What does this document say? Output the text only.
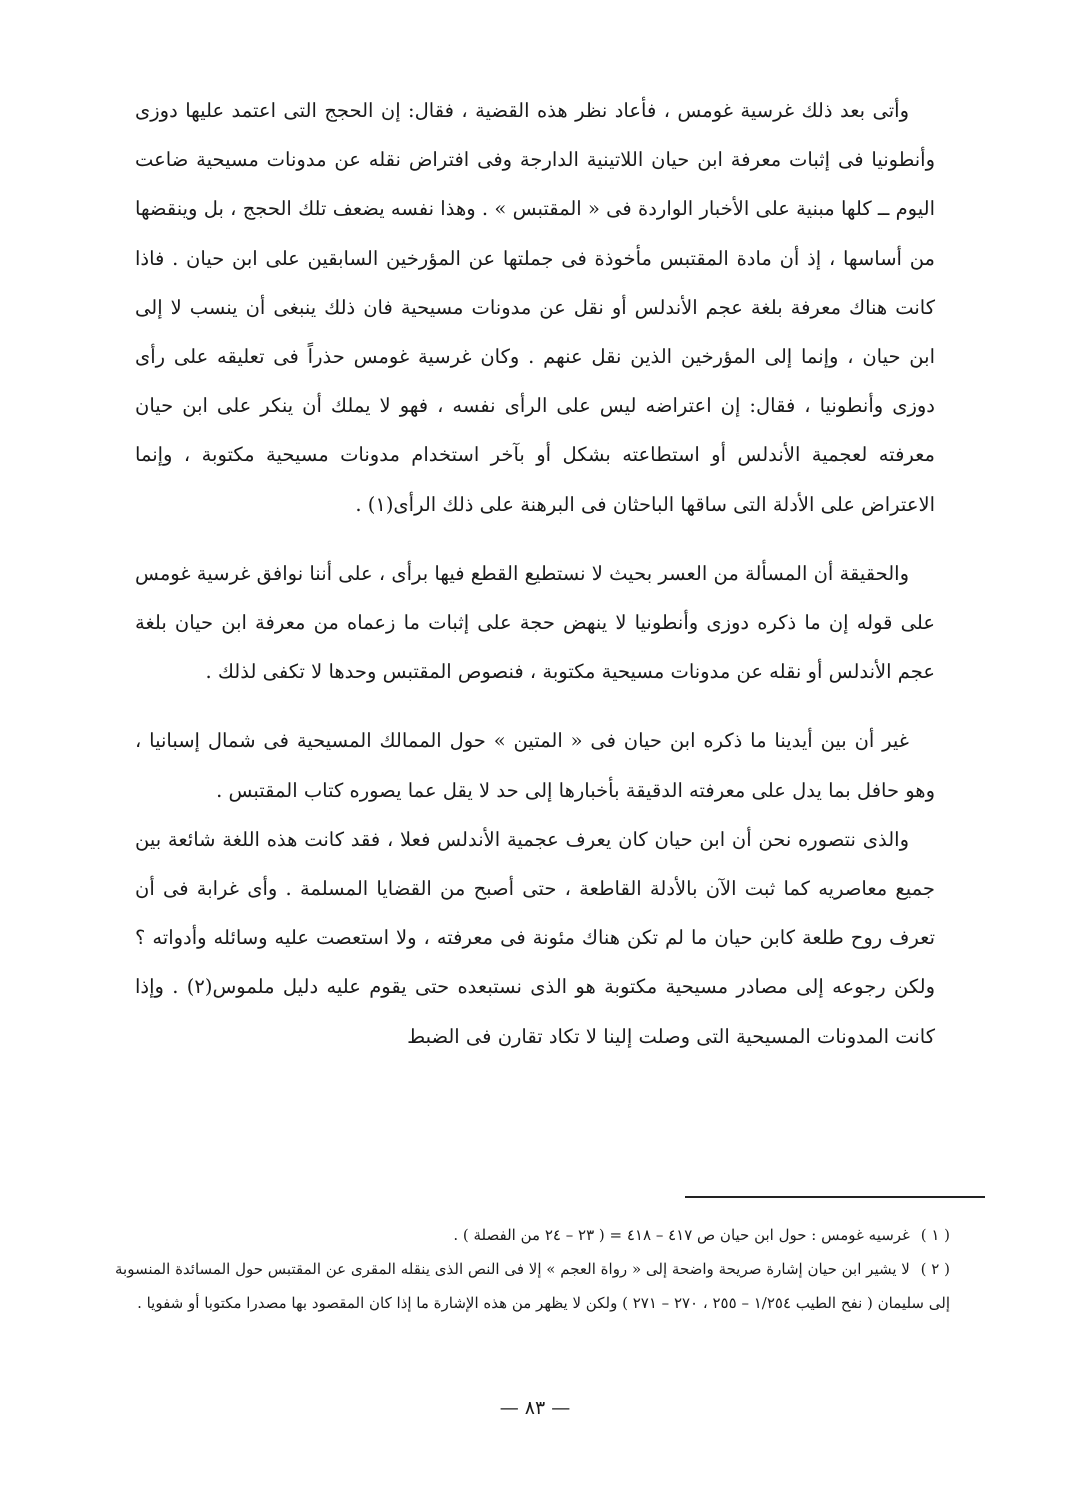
وأتى بعد ذلك غرسية غومس ، فأعاد نظر هذه القضية ، فقال: إن الحجج التى اعتمد عليها دوزى وأنطونيا فى إثبات معرفة ابن حيان اللاتينية الدارجة وفى افتراض نقله عن مدونات مسيحية ضاعت اليوم ــ كلها مبنية على الأخبار الواردة فى « المقتبس » . وهذا نفسه يضعف تلك الحجج ، بل وينقضها من أساسها ، إذ أن مادة المقتبس مأخوذة فى جملتها عن المؤرخين السابقين على ابن حيان . فاذا كانت هناك معرفة بلغة عجم الأندلس أو نقل عن مدونات مسيحية فان ذلك ينبغى أن ينسب لا إلى ابن حيان ، وإنما إلى المؤرخين الذين نقل عنهم . وكان غرسية غومس حذراً فى تعليقه على رأى دوزى وأنطونيا ، فقال: إن اعتراضه ليس على الرأى نفسه ، فهو لا يملك أن ينكر على ابن حيان معرفته لعجمية الأندلس أو استطاعته بشكل أو بآخر استخدام مدونات مسيحية مكتوبة ، وإنما الاعتراض على الأدلة التى ساقها الباحثان فى البرهنة على ذلك الرأى(١) .

والحقيقة أن المسألة من العسر بحيث لا نستطيع القطع فيها برأى ، على أننا نوافق غرسية غومس على قوله إن ما ذكره دوزى وأنطونيا لا ينهض حجة على إثبات ما زعماه من معرفة ابن حيان بلغة عجم الأندلس أو نقله عن مدونات مسيحية مكتوبة ، فنصوص المقتبس وحدها لا تكفى لذلك .

غير أن بين أيدينا ما ذكره ابن حيان فى « المتين » حول الممالك المسيحية فى شمال إسبانيا ، وهو حافل بما يدل على معرفته الدقيقة بأخبارها إلى حد لا يقل عما يصوره كتاب المقتبس .

والذى نتصوره نحن أن ابن حيان كان يعرف عجمية الأندلس فعلا ، فقد كانت هذه اللغة شائعة بين جميع معاصريه كما ثبت الآن بالأدلة القاطعة ، حتى أصبح من القضايا المسلمة . وأى غرابة فى أن تعرف روح طلعة كابن حيان ما لم تكن هناك مئونة فى معرفته ، ولا استعصت عليه وسائله وأدواته ؟ ولكن رجوعه إلى مصادر مسيحية مكتوبة هو الذى نستبعده حتى يقوم عليه دليل ملموس(٢) . وإذا كانت المدونات المسيحية التى وصلت إلينا لا تكاد تقارن فى الضبط

( ١ ) غرسيه غومس : حول ابن حيان ص ٤١٧ – ٤١٨ = ( ٢٣ – ٢٤ من الفصلة ) .

( ٢ ) لا يشير ابن حيان إشارة صريحة واضحة إلى « رواة العجم » إلا فى النص الذى ينقله المقرى عن المقتبس حول المسائدة المنسوبة إلى سليمان ( نفح الطيب ١/٢٥٤ – ٢٥٥ ، ٢٧٠ – ٢٧١ ) ولكن لا يظهر من هذه الإشارة ما إذا كان المقصود بها مصدرا مكتوبا أو شفويا .

— ٨٣ —
